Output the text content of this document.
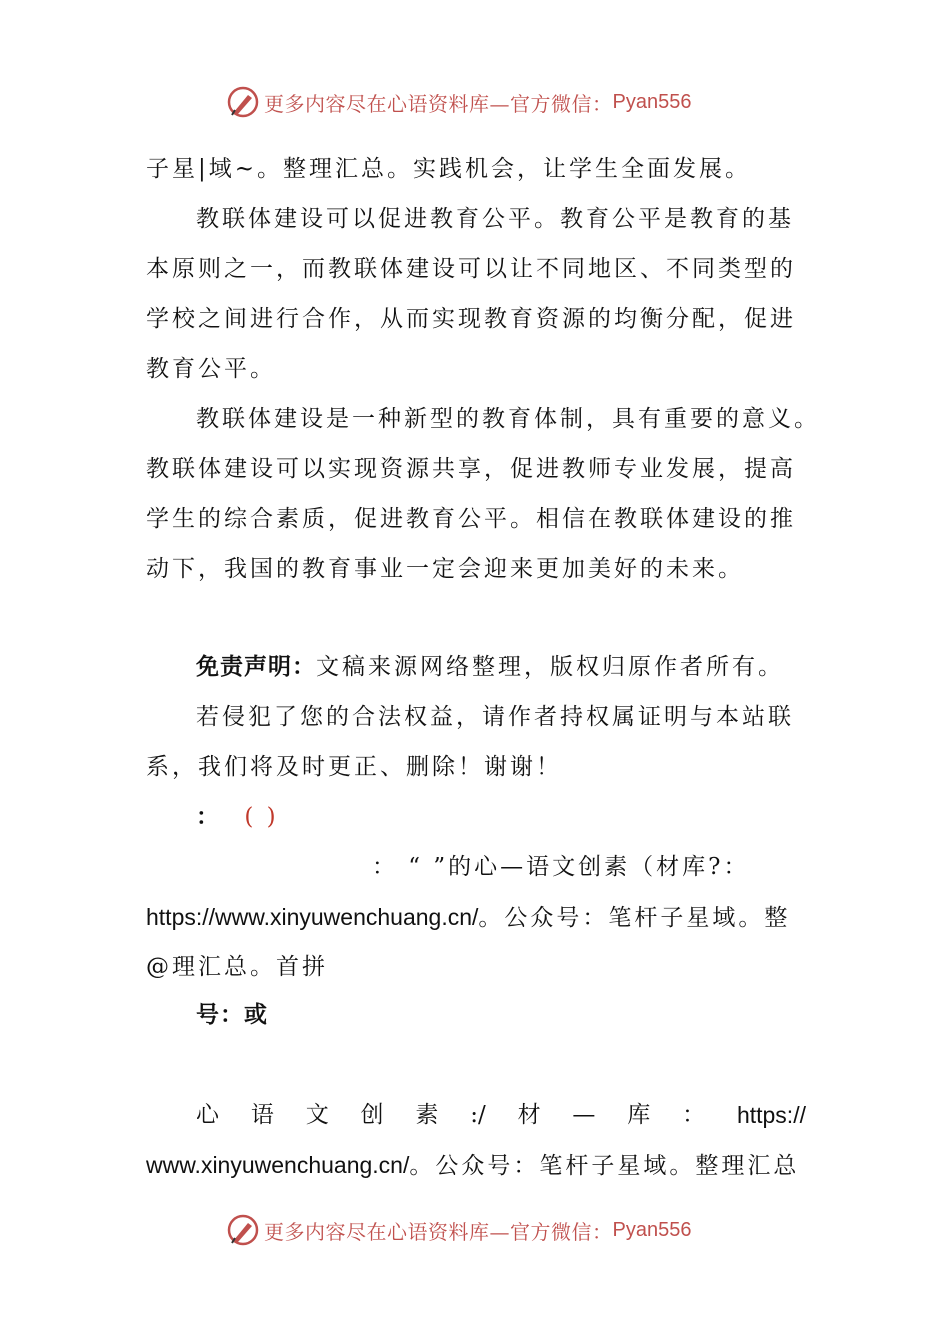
更多内容尽在心语资料库—官方微信： Pyan556
子星|域~。整理汇总。实践机会，让学生全面发展。
教联体建设可以促进教育公平。教育公平是教育的基
本原则之一，而教联体建设可以让不同地区、不同类型的
学校之间进行合作，从而实现教育资源的均衡分配，促进
教育公平。
教联体建设是一种新型的教育体制，具有重要的意义。
教联体建设可以实现资源共享，促进教师专业发展，提高
学生的综合素质，促进教育公平。相信在教联体建设的推
动下，我国的教育事业一定会迎来更加美好的未来。
免责声明：文稿来源网络整理，版权归原作者所有。
若侵犯了您的合法权益，请作者持权属证明与本站联
系，我们将及时更正、删除！谢谢！
： ( )
： “ ”的心—语文创素（材库?：
https://www.xinyuwenchuang.cn/。公众号：笔杆子星域。整
@理汇总。首拼
号：或
心 语 文 创 素 :/ 材 — 库 ： https://
www.xinyuwenchuang.cn/。公众号：笔杆子星域。整理汇总
更多内容尽在心语资料库—官方微信： Pyan556
